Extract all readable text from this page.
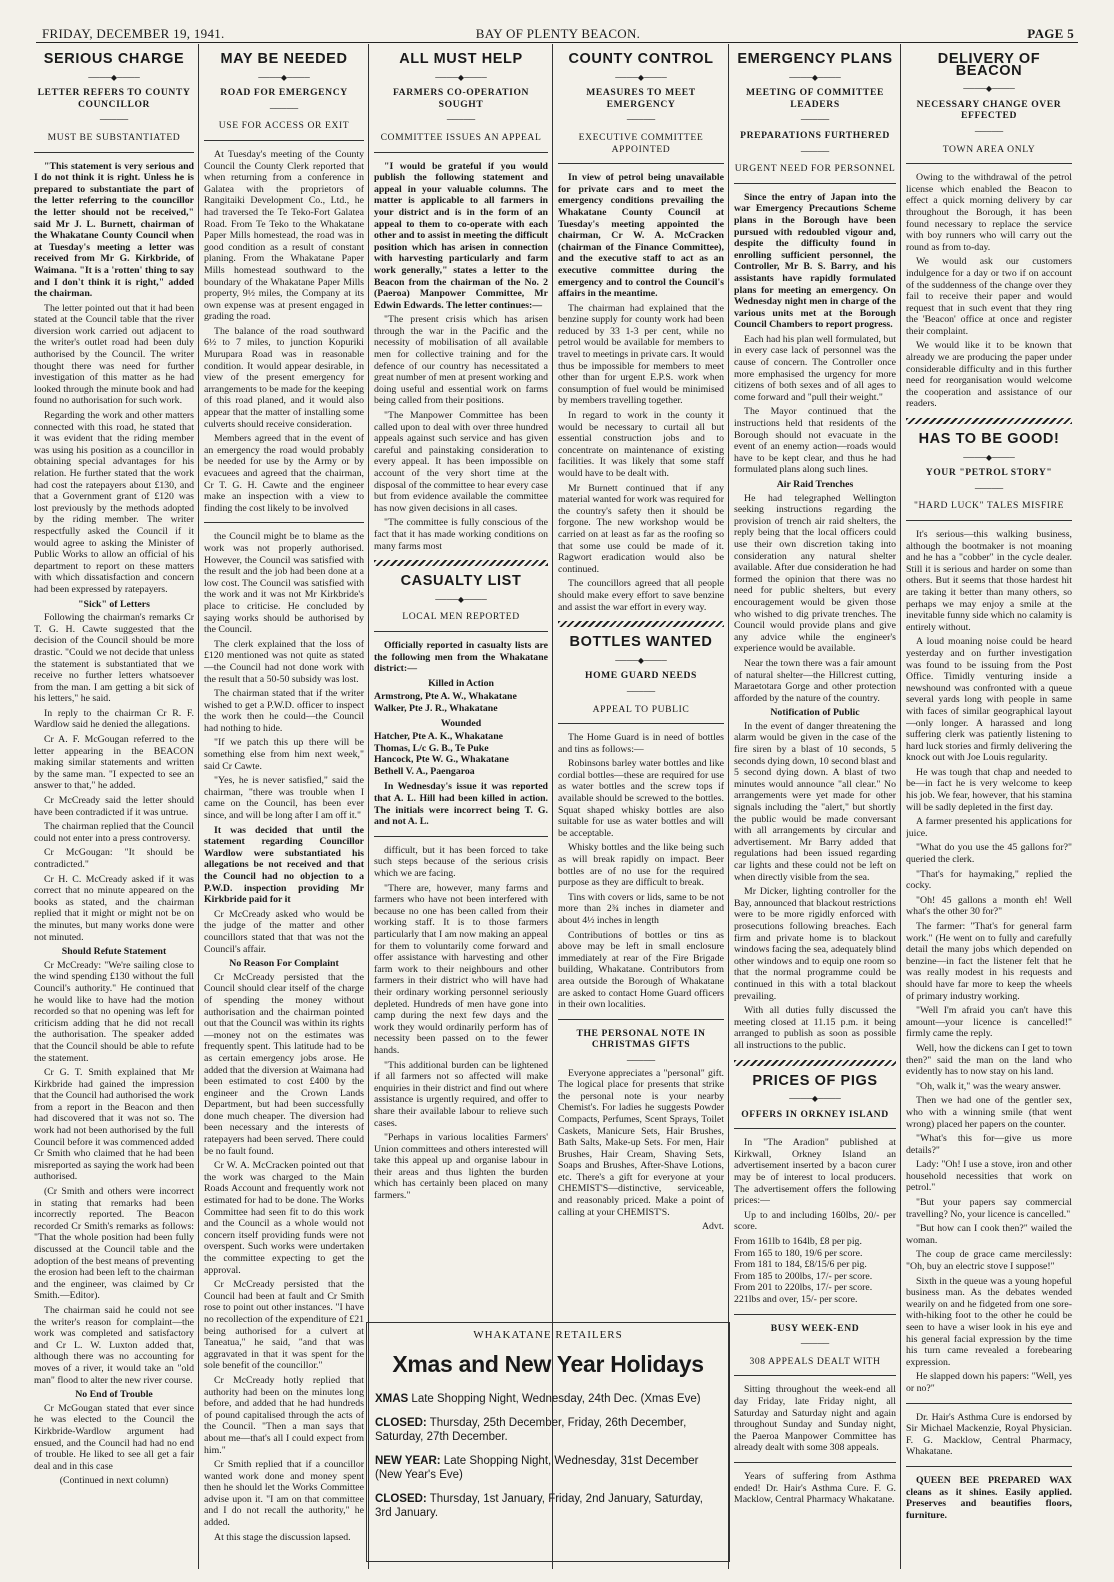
FRIDAY, DECEMBER 19, 1941.	BAY OF PLENTY BEACON.	PAGE 5
SERIOUS CHARGE
────◆────
LETTER REFERS TO COUNTY COUNCILLOR
─────
MUST BE SUBSTANTIATED

"This statement is very serious and I do not think it is right. Unless he is prepared to substantiate the part of the letter referring to the councillor the letter should not be received," said Mr J. L. Burnett, chairman of the Whakatane County Council when at Tuesday's meeting a letter was received from Mr G. Kirkbride, of Waimana. "It is a 'rotten' thing to say and I don't think it is right," added the chairman.

The letter pointed out that it had been stated at the Council table that the river diversion work carried out adjacent to the writer's outlet road had been duly authorised by the Council. The writer thought there was need for further investigation of this matter as he had looked through the minute book and had found no authorisation for such work.

Regarding the work and other matters connected with this road, he stated that it was evident that the riding member was using his position as a councillor in obtaining special advantages for his relation. He further stated that the work had cost the ratepayers about £130, and that a Government grant of £120 was lost previously by the methods adopted by the riding member. The writer respectfully asked the Council if it would agree to asking the Minister of Public Works to allow an official of his department to report on these matters with which dissatisfaction and concern had been expressed by ratepayers.

"Sick" of Letters

Following the chairman's remarks Cr T. G. H. Cawte suggested that the decision of the Council should be more drastic. "Could we not decide that unless the statement is substantiated that we receive no further letters whatsoever from the man. I am getting a bit sick of his letters," he said.

In reply to the chairman Cr R. F. Wardlow said he denied the allegations.

Cr A. F. McGougan referred to the letter appearing in the BEACON making similar statements and written by the same man. "I expected to see an answer to that," he added.

Cr McCready said the letter should have been contradicted if it was untrue.

The chairman replied that the Council could not enter into a press controversy.

Cr McGougan: "It should be contradicted."

Cr H. C. McCready asked if it was correct that no minute appeared on the books as stated, and the chairman replied that it might or might not be on the minutes, but many works done were not minuted.

Should Refute Statement

Cr McCready: "We're sailing close to the wind spending £130 without the full Council's authority." He continued that he would like to have had the motion recorded so that no opening was left for criticism adding that he did not recall the authorisation. The speaker added that the Council should be able to refute the statement.

Cr G. T. Smith explained that Mr Kirkbride had gained the impression that the Council had authorised the work from a report in the Beacon and then had discovered that it was not so. The work had not been authorised by the full Council before it was commenced added Cr Smith who claimed that he had been misreported as saying the work had been authorised.

(Cr Smith and others were incorrect in stating that remarks had been incorrectly reported. The Beacon recorded Cr Smith's remarks as follows: "That the whole position had been fully discussed at the Council table and the adoption of the best means of preventing the erosion had been left to the chairman and the engineer, was claimed by Cr Smith.—Editor).

The chairman said he could not see the writer's reason for complaint—the work was completed and satisfactory and Cr L. W. Luxton added that, although there was no accounting for moves of a river, it would take an "old man" flood to alter the new river course.

No End of Trouble

Cr McGougan stated that ever since he was elected to the Council the Kirkbride-Wardlow argument had ensued, and the Council had had no end of trouble. He liked to see all get a fair deal and in this case

(Continued in next column)
MAY BE NEEDED
────◆────
ROAD FOR EMERGENCY
─────
USE FOR ACCESS OR EXIT

At Tuesday's meeting of the County Council the County Clerk reported that when returning from a conference in Galatea with the proprietors of Rangitaiki Development Co., Ltd., he had traversed the Te Teko-Fort Galatea Road. From Te Teko to the Whakatane Paper Mills homestead, the road was in good condition as a result of constant planing. From the Whakatane Paper Mills homestead southward to the boundary of the Whakatane Paper Mills property, 9½ miles, the Company at its own expense was at present engaged in grading the road.

The balance of the road southward 6½ to 7 miles, to junction Kopuriki Murupara Road was in reasonable condition. It would appear desirable, in view of the present emergency for arrangements to be made for the keeping of this road planed, and it would also appear that the matter of installing some culverts should receive consideration.

Members agreed that in the event of an emergency the road would probably be needed for use by the Army or by evacuees and agreed that the chairman, Cr T. G. H. Cawte and the engineer make an inspection with a view to finding the cost likely to be involved

the Council might be to blame as the work was not properly authorised. However, the Council was satisfied with the result and the job had been done at a low cost. The Council was satisfied with the work and it was not Mr Kirkbride's place to criticise. He concluded by saying works should be authorised by the Council.

The clerk explained that the loss of £120 mentioned was not quite as stated—the Council had not done work with the result that a 50-50 subsidy was lost.

The chairman stated that if the writer wished to get a P.W.D. officer to inspect the work then he could—the Council had nothing to hide.

"If we patch this up there will be something else from him next week," said Cr Cawte.

"Yes, he is never satisfied," said the chairman, "there was trouble when I came on the Council, has been ever since, and will be long after I am off it."

It was decided that until the statement regarding Councillor Wardlow were substantiated his allegations be not received and that the Council had no objection to a P.W.D. inspection providing Mr Kirkbride paid for it

Cr McCready asked who would be the judge of the matter and other councillors stated that that was not the Council's affair.

No Reason For Complaint

Cr McCready persisted that the Council should clear itself of the charge of spending the money without authorisation and the chairman pointed out that the Council was within its rights—money not on the estimates was frequently spent. This latitude had to be as certain emergency jobs arose. He added that the diversion at Waimana had been estimated to cost £400 by the engineer and the Crown Lands Department, but had been successfully done much cheaper. The diversion had been necessary and the interests of ratepayers had been served. There could be no fault found.

Cr W. A. McCracken pointed out that the work was charged to the Main Roads Account and frequently work not estimated for had to be done. The Works Committee had seen fit to do this work and the Council as a whole would not concern itself providing funds were not overspent. Such works were undertaken the committee expecting to get the approval.

Cr McCready persisted that the Council had been at fault and Cr Smith rose to point out other instances. "I have no recollection of the expenditure of £21 being authorised for a culvert at Taneatua," he said, "and that was aggravated in that it was spent for the sole benefit of the councillor."

Cr McCready hotly replied that authority had been on the minutes long before, and added that he had hundreds of pound capitalised through the acts of the Council. "Then a man says that about me—that's all I could expect from him."

Cr Smith replied that if a councillor wanted work done and money spent then he should let the Works Committee advise upon it. "I am on that committee and I do not recall the authority," he added.

At this stage the discussion lapsed.

ALL MUST HELP
────◆────
FARMERS CO-OPERATION SOUGHT
─────
COMMITTEE ISSUES AN APPEAL

"I would be grateful if you would publish the following statement and appeal in your valuable columns. The matter is applicable to all farmers in your district and is in the form of an appeal to them to co-operate with each other and to assist in meeting the difficult position which has arisen in connection with harvesting particularly and farm work generally," states a letter to the Beacon from the chairman of the No. 2 (Paeroa) Manpower Committee, Mr Edwin Edwards. The letter continues:—

"The present crisis which has arisen through the war in the Pacific and the necessity of mobilisation of all available men for collective training and for the defence of our country has necessitated a great number of men at present working and doing useful and essential work on farms being called from their positions.

"The Manpower Committee has been called upon to deal with over three hundred appeals against such service and has given careful and painstaking consideration to every appeal. It has been impossible on account of the very short time at the disposal of the committee to hear every case but from evidence available the committee has now given decisions in all cases.

"The committee is fully conscious of the fact that it has made working conditions on many farms most

CASUALTY LIST
────◆────
LOCAL MEN REPORTED

Officially reported in casualty lists are the following men from the Whakatane district:—

Killed in Action
Armstrong, Pte A. W., Whakatane
Walker, Pte J. R., Whakatane
Wounded
Hatcher, Pte A. K., Whakatane
Thomas, L/c G. B., Te Puke
Hancock, Pte W. G., Whakatane
Bethell V. A., Paengaroa

In Wednesday's issue it was reported that A. L. Hill had been killed in action. The initials were incorrect being T. G. and not A. L.

difficult, but it has been forced to take such steps because of the serious crisis which we are facing.

"There are, however, many farms and farmers who have not been interfered with because no one has been called from their working staff. It is to those farmers particularly that I am now making an appeal for them to voluntarily come forward and offer assistance with harvesting and other farm work to their neighbours and other farmers in their district who will have had their ordinary working personnel seriously depleted. Hundreds of men have gone into camp during the next few days and the work they would ordinarily perform has of necessity been passed on to the fewer hands.

"This additional burden can be lightened if all farmers not so affected will make enquiries in their district and find out where assistance is urgently required, and offer to share their available labour to relieve such cases.

"Perhaps in various localities Farmers' Union committees and others interested will take this appeal up and organise labour in their areas and thus lighten the burden which has certainly been placed on many farmers."

COUNTY CONTROL
────◆────
MEASURES TO MEET EMERGENCY
─────
EXECUTIVE COMMITTEE APPOINTED

In view of petrol being unavailable for private cars and to meet the emergency conditions prevailing the Whakatane County Council at Tuesday's meeting appointed the chairman, Cr W. A. McCracken (chairman of the Finance Committee), and the executive staff to act as an executive committee during the emergency and to control the Council's affairs in the meantime.

The chairman had explained that the benzine supply for county work had been reduced by 33 1-3 per cent, while no petrol would be available for members to travel to meetings in private cars. It would thus be impossible for members to meet other than for urgent E.P.S. work when consumption of fuel would be minimised by members travelling together.

In regard to work in the county it would be necessary to curtail all but essential construction jobs and to concentrate on maintenance of existing facilities. It was likely that some staff would have to be dealt with.

Mr Burnett continued that if any material wanted for work was required for the country's safety then it should be forgone. The new workshop would be carried on at least as far as the roofing so that some use could be made of it. Ragwort eradication would also be continued.

The councillors agreed that all people should make every effort to save benzine and assist the war effort in every way.

BOTTLES WANTED
────◆────
HOME GUARD NEEDS
─────
APPEAL TO PUBLIC

The Home Guard is in need of bottles and tins as follows:—

Robinsons barley water bottles and like cordial bottles—these are required for use as water bottles and the screw tops if available should be screwed to the bottles. Squat shaped whisky bottles are also suitable for use as water bottles and will be acceptable.

Whisky bottles and the like being such as will break rapidly on impact. Beer bottles are of no use for the required purpose as they are difficult to break.

Tins with covers or lids, same to be not more than 2¾ inches in diameter and about 4½ inches in length

Contributions of bottles or tins as above may be left in small enclosure immediately at rear of the Fire Brigade building, Whakatane. Contributors from area outside the Borough of Whakatane are asked to contact Home Guard officers in their own localities.

THE PERSONAL NOTE IN CHRISTMAS GIFTS
─────

Everyone appreciates a "personal" gift. The logical place for presents that strike the personal note is your nearby Chemist's. For ladies he suggests Powder Compacts, Perfumes, Scent Sprays, Toilet Caskets, Manicure Sets, Hair Brushes, Bath Salts, Make-up Sets. For men, Hair Brushes, Hair Cream, Shaving Sets, Soaps and Brushes, After-Shave Lotions, etc. There's a gift for everyone at your CHEMIST'S—distinctive, serviceable, and reasonably priced. Make a point of calling at your CHEMIST'S.

Advt.
WHAKATANE RETAILERS
Xmas and New Year Holidays
XMAS Late Shopping Night, Wednesday, 24th Dec. (Xmas Eve)
CLOSED: Thursday, 25th December, Friday, 26th December, Saturday, 27th December.
NEW YEAR: Late Shopping Night, Wednesday, 31st December (New Year's Eve)
CLOSED: Thursday, 1st January, Friday, 2nd January, Saturday, 3rd January.
EMERGENCY PLANS
────◆────
MEETING OF COMMITTEE LEADERS
─────
PREPARATIONS FURTHERED
─────
URGENT NEED FOR PERSONNEL

Since the entry of Japan into the war Emergency Precautions Scheme plans in the Borough have been pursued with redoubled vigour and, despite the difficulty found in enrolling sufficient personnel, the Controller, Mr B. S. Barry, and his assistants have rapidly formulated plans for meeting an emergency. On Wednesday night men in charge of the various units met at the Borough Council Chambers to report progress.

Each had his plan well formulated, but in every case lack of personnel was the cause of concern. The Controller once more emphasised the urgency for more citizens of both sexes and of all ages to come forward and "pull their weight."

The Mayor continued that the instructions held that residents of the Borough should not evacuate in the event of an enemy action—roads would have to be kept clear, and thus he had formulated plans along such lines.

Air Raid Trenches

He had telegraphed Wellington seeking instructions regarding the provision of trench air raid shelters, the reply being that the local officers could use their own discretion taking into consideration any natural shelter available. After due consideration he had formed the opinion that there was no need for public shelters, but every encouragement would be given those who wished to dig private trenches. The Council would provide plans and give any advice while the engineer's experience would be available.

Near the town there was a fair amount of natural shelter—the Hillcrest cutting, Maraetotara Gorge and other protection afforded by the nature of the country.

Notification of Public

In the event of danger threatening the alarm would be given in the case of the fire siren by a blast of 10 seconds, 5 seconds dying down, 10 second blast and 5 second dying down. A blast of two minutes would announce "all clear." No arrangements were yet made for other signals including the "alert," but shortly the public would be made conversant with all arrangements by circular and advertisement. Mr Barry added that regulations had been issued regarding car lights and these could not be left on when directly visible from the sea.

Mr Dicker, lighting controller for the Bay, announced that blackout restrictions were to be more rigidly enforced with prosecutions following breaches. Each firm and private home is to blackout windows facing the sea, adequately blind other windows and to equip one room so that the normal programme could be continued in this with a total blackout prevailing.

With all duties fully discussed the meeting closed at 11.15 p.m. it being arranged to publish as soon as possible all instructions to the public.

PRICES OF PIGS
────◆────
OFFERS IN ORKNEY ISLAND

In "The Aradion" published at Kirkwall, Orkney Island an advertisement inserted by a bacon curer may be of interest to local producers. The advertisement offers the following prices:—

Up to and including 160lbs, 20/- per score.

From 161lb to 164lb, £8 per pig.
From 165 to 180, 19/6 per score.
From 181 to 184, £8/15/6 per pig.
From 185 to 200lbs, 17/- per score.
From 201 to 220lbs, 17/- per score.
221lbs and over, 15/- per score.
BUSY WEEK-END
─────
308 APPEALS DEALT WITH

Sitting throughout the week-end all day Friday, late Friday night, all Saturday and Saturday night and again throughout Sunday and Sunday night, the Paeroa Manpower Committee has already dealt with some 308 appeals.

Years of suffering from Asthma ended! Dr. Hair's Asthma Cure. F. G. Macklow, Central Pharmacy Whakatane.

DELIVERY OF BEACON
────◆────
NECESSARY CHANGE OVER EFFECTED
─────
TOWN AREA ONLY

Owing to the withdrawal of the petrol license which enabled the Beacon to effect a quick morning delivery by car throughout the Borough, it has been found necessary to replace the service with boy runners who will carry out the round as from to-day.

We would ask our customers indulgence for a day or two if on account of the suddenness of the change over they fail to receive their paper and would request that in such event that they ring the 'Beacon' office at once and register their complaint.

We would like it to be known that already we are producing the paper under considerable difficulty and in this further need for reorganisation would welcome the cooperation and assistance of our readers.

HAS TO BE GOOD!
────◆────
YOUR "PETROL STORY"
─────
"HARD LUCK" TALES MISFIRE

It's serious—this walking business, although the bootmaker is not moaning and he has a "cobber" in the cycle dealer. Still it is serious and harder on some than others. But it seems that those hardest hit are taking it better than many others, so perhaps we may enjoy a smile at the inevitable funny side which no calamity is entirely without.

A loud moaning noise could be heard yesterday and on further investigation was found to be issuing from the Post Office. Timidly venturing inside a newshound was confronted with a queue several yards long with people in same with faces of similar geographical layout —only longer. A harassed and long suffering clerk was patiently listening to hard luck stories and firmly delivering the knock out with Joe Louis regularity.

He was tough that chap and needed to be—in fact he is very welcome to keep his job. We fear, however, that his stamina will be sadly depleted in the first day.

A farmer presented his applications for juice.

"What do you use the 45 gallons for?" queried the clerk.

"That's for haymaking," replied the cocky.

"Oh! 45 gallons a month eh! Well what's the other 30 for?"

The farmer: "That's for general farm work." (He went on to fully and carefully detail the many jobs which depended on benzine—in fact the listener felt that he was really modest in his requests and should have far more to keep the wheels of primary industry working.

"Well I'm afraid you can't have this amount—your licence is cancelled!" firmly came the reply.

Well, how the dickens can I get to town then?" said the man on the land who evidently has to now stay on his land.

"Oh, walk it," was the weary answer.

Then we had one of the gentler sex, who with a winning smile (that went wrong) placed her papers on the counter.

"What's this for—give us more details?"

Lady: "Oh! I use a stove, iron and other household necessities that work on petrol."

"But your papers say commercial travelling? No, your licence is cancelled."

"But how can I cook then?" wailed the woman.

The coup de grace came mercilessly: "Oh, buy an electric stove I suppose!"

Sixth in the queue was a young hopeful business man. As the debates wended wearily on and he fidgeted from one sore-with-hiking foot to the other he could be seen to have a wiser look in his eye and his general facial expression by the time his turn came revealed a forebearing expression.

He slapped down his papers: "Well, yes or no?"

Dr. Hair's Asthma Cure is endorsed by Sir Michael Mackenzie, Royal Physician. F. G. Macklow, Central Pharmacy, Whakatane.

QUEEN BEE PREPARED WAX cleans as it shines. Easily applied. Preserves and beautifies floors, furniture.
